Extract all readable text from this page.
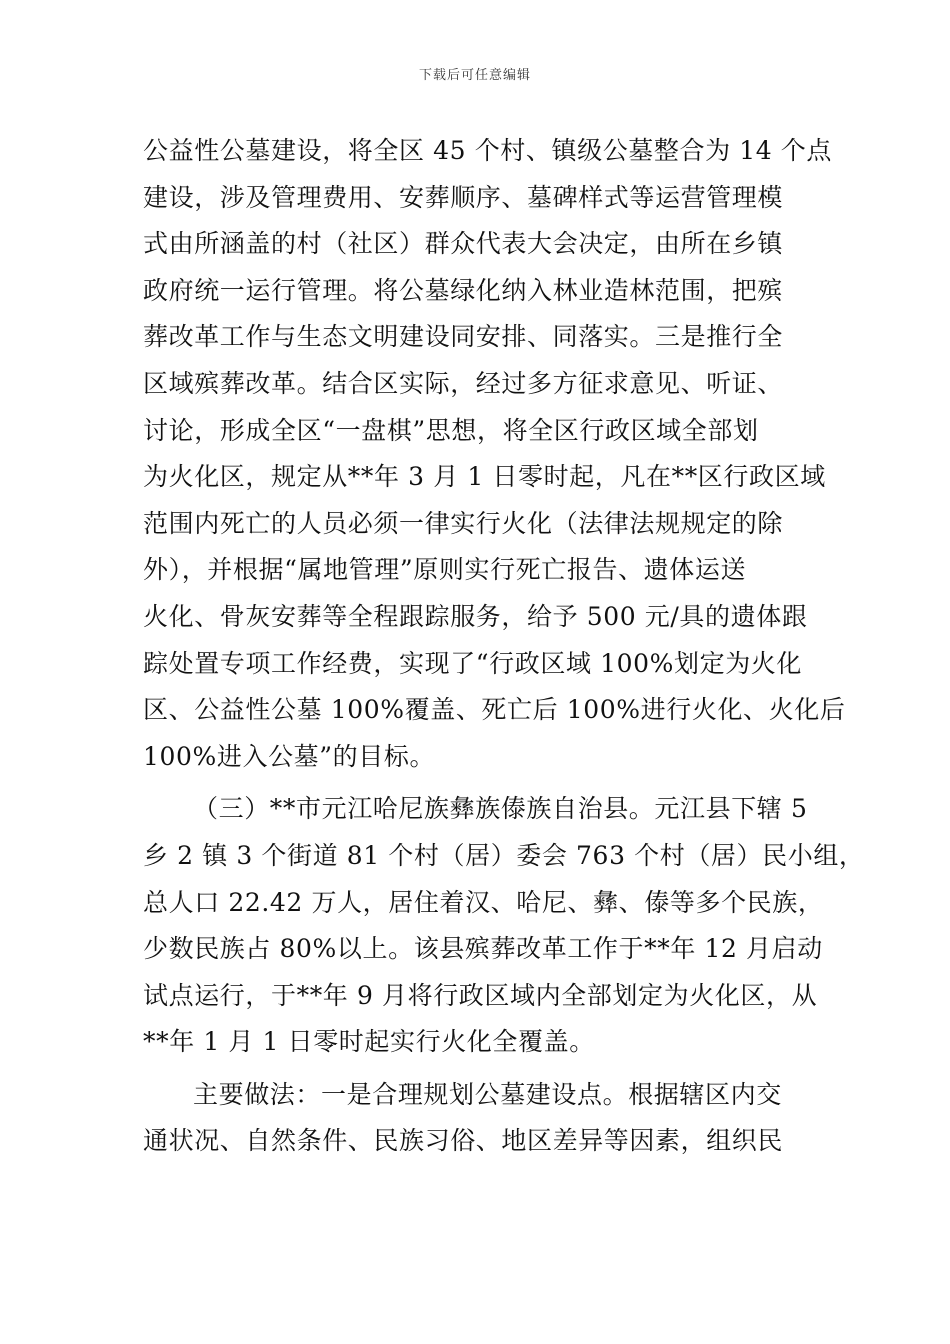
下载后可任意编辑
公益性公墓建设，将全区 45 个村、镇级公墓整合为 14 个点
建设，涉及管理费用、安葬顺序、墓碑样式等运营管理模
式由所涵盖的村（社区）群众代表大会决定，由所在乡镇
政府统一运行管理。将公墓绿化纳入林业造林范围，把殡
葬改革工作与生态文明建设同安排、同落实。三是推行全
区域殡葬改革。结合区实际，经过多方征求意见、听证、
讨论，形成全区“一盘棋”思想，将全区行政区域全部划
为火化区，规定从**年 3 月 1 日零时起，凡在**区行政区域
范围内死亡的人员必须一律实行火化（法律法规规定的除
外），并根据“属地管理”原则实行死亡报告、遗体运送
火化、骨灰安葬等全程跟踪服务，给予 500 元/具的遗体跟
踪处置专项工作经费，实现了“行政区域 100%划定为火化
区、公益性公墓 100%覆盖、死亡后 100%进行火化、火化后
100%进入公墓”的目标。
（三）**市元江哈尼族彝族傣族自治县。元江县下辖 5
乡 2 镇 3 个街道 81 个村（居）委会 763 个村（居）民小组，
总人口 22.42 万人，居住着汉、哈尼、彝、傣等多个民族，
少数民族占 80%以上。该县殡葬改革工作于**年 12 月启动
试点运行，于**年 9 月将行政区域内全部划定为火化区，从
**年 1 月 1 日零时起实行火化全覆盖。
主要做法：一是合理规划公墓建设点。根据辖区内交
通状况、自然条件、民族习俗、地区差异等因素，组织民
